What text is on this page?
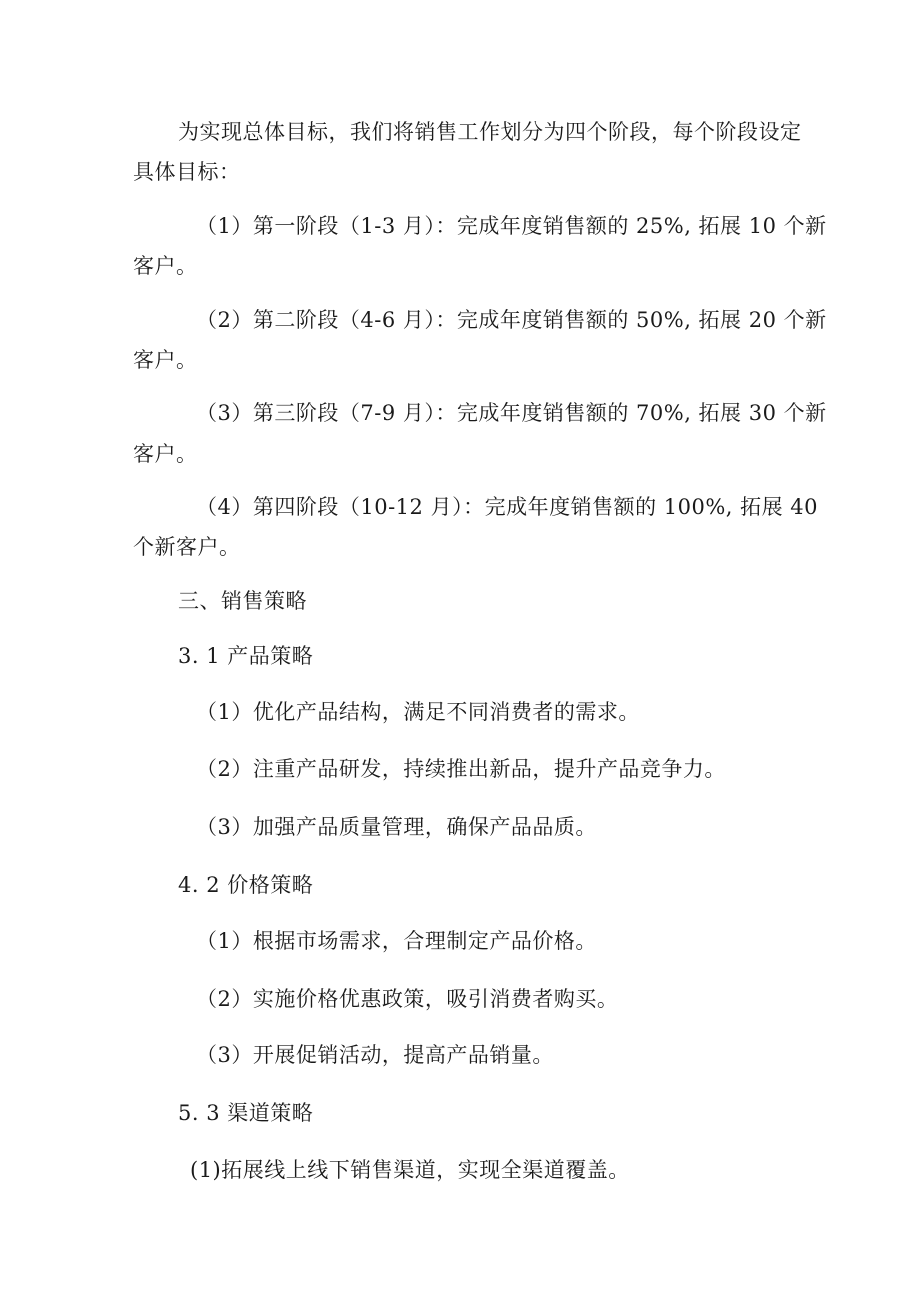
为实现总体目标，我们将销售工作划分为四个阶段，每个阶段设定
具体目标：
（1）第一阶段（1-3 月）：完成年度销售额的 25%, 拓展 10 个新
客户。
（2）第二阶段（4-6 月）：完成年度销售额的 50%, 拓展 20 个新
客户。
（3）第三阶段（7-9 月）：完成年度销售额的 70%, 拓展 30 个新
客户。
（4）第四阶段（10-12 月）：完成年度销售额的 100%, 拓展 40
个新客户。
三、销售策略
3. 1 产品策略
（1）优化产品结构，满足不同消费者的需求。
（2）注重产品研发，持续推出新品，提升产品竞争力。
（3）加强产品质量管理，确保产品品质。
4. 2 价格策略
（1）根据市场需求，合理制定产品价格。
（2）实施价格优惠政策，吸引消费者购买。
（3）开展促销活动，提高产品销量。
5. 3 渠道策略
(1)拓展线上线下销售渠道，实现全渠道覆盖。
